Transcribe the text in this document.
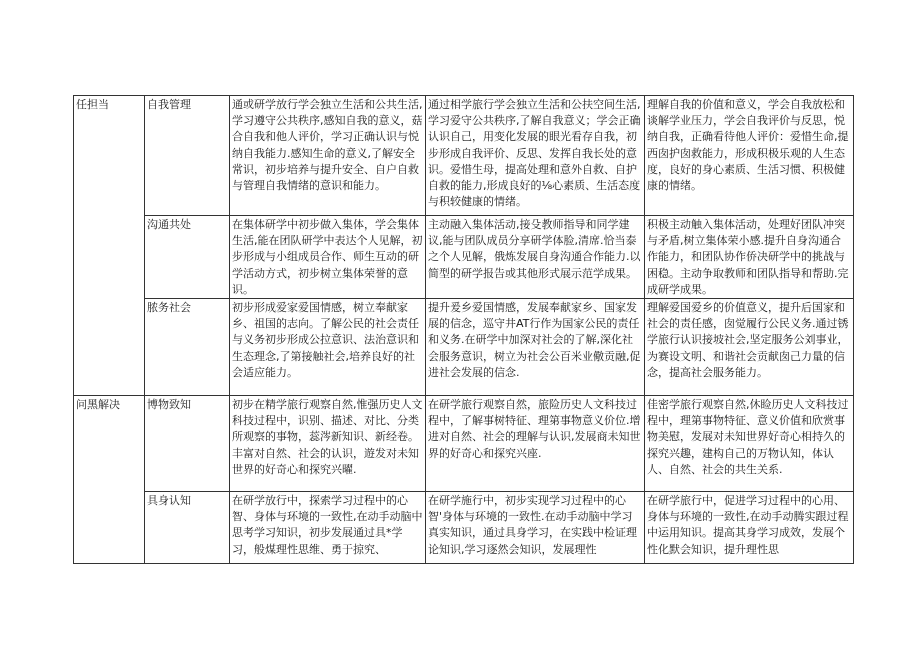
任担当	自我管理	通或研学放行学会独立生活和公共生活,学习遵守公共秩序,感知自我的意义，菇合自我和他人评价，学习正确认识与悦纳自我能力.感知生命的意义,了解安全常识，初步培养与提升安全、自户自救与管理自我情绪的意识和能力。	通过相学旅行学会独立生活和公扶空间生活,学习爱守公共秩序,了解自我意义；学会正确认识自己，用变化发展的眼光看存自我，初步形成自我评价、反思、发挥自我长处的意识。爱惜生母，提高处理和意外自救、自护自救的能力,形成良好的⅛心素质、生活态度与积较健康的情绪。	理解自我的价值和意义，学会自我放松和谈解学业压力，学会自我评价与反思，悦纳自我，正确看待他人评价：爱惜生命,提西囱护囱救能力，形成积极乐观的人生态度，良好的身心素质、生活习惯、积极健康的情绪。

	沟通共处	在集体研学中初步做入集体，学会集体生活,能在团队研学中表达个人见解，初步形成与小组成员合作、师生互动的研学活动方式，初步树立集体荣誉的意识。	主动融入集体活动,接殳教师指导和同学建议,能与团队成员分享研学体脸,清席.恰当泰之个人见解，俄炼发展自身沟通合作能力.以简型的研学报告或其他形式展示范学成果。	积极主动触入集体活动，处理好团队冲突与矛盾,树立集体荣小感.提升自身沟通合作能力，和团队协作侨决研学中的挑战与困稳。主动争取教师和团队指导和帮助.完成研学成果。

	脓务社会	初步形成爱家爱国情感，树立奉献家乡、祖国的志向。了解公民的社会责任与义务初步形成公拉意识、法治意识和生态理念,了第接触社会,培养良好的社会适应能力。	提升爰乡爱国情感，发展奉献家乡、国家发展的信念，巡守井AT行作为国家公民的责任和义务.在研学中加深对社会的了解,深化社会服务意识，树立为社会公百米业儆贡融,促进社会发展的信念.	理解爱国爱乡的价值意义，提升后国家和社会的责任感，囱觉履行公民义务.通过锈学旅行认识接坡社会,坚定服务公刘事业，为赛设文明、和谐社会贡献囱己力量的信念，提高社会服务能力。

问黑解决	博物致知	初步在精学旅行观察自然,惟强历史人文科技过程中，识别、描述、对比、分类所观察的事物，蕊涔新知识、新经卷。丰富对自然、社会的认识，遊发对未知世界的好奇心和探究兴曜.	在研学旅行观察自然，旅险历史人文科技过程中，了解事树特征、理第事物意义价位.增进对自然、社会的理解与认识,发展商未知世界的好奇心和探究兴座.	佳密学旅行观察自然,休睑历史人文科技过程中，理第事物特征、意义价值和欣赏事物美慰，发展对未知世界好奇心相持久的探究兴趣，建构自己的万物认知，体认人、自然、社会的共生关系.

	具身认知	在研学放行中，探索学习过程中的心智、身体与环境的一致性,在动手动脑中思考学习知识，初步发展通过具*学习，般煤理性思维、勇于掠究、	在研学施行中，初步实现学习过程中的心智'身体与环境的一致性.在动手动脑中学习真实知识，通过具身学习，在实践中检证理论知识,学习逐然会知识，发展理性	在研学旅行中，促进学习过程中的心用、身体与环境的一致性,在动手动腾实跟过程中运用知识。提高其身学习成效，发展个性化默会知识，提升理性思
